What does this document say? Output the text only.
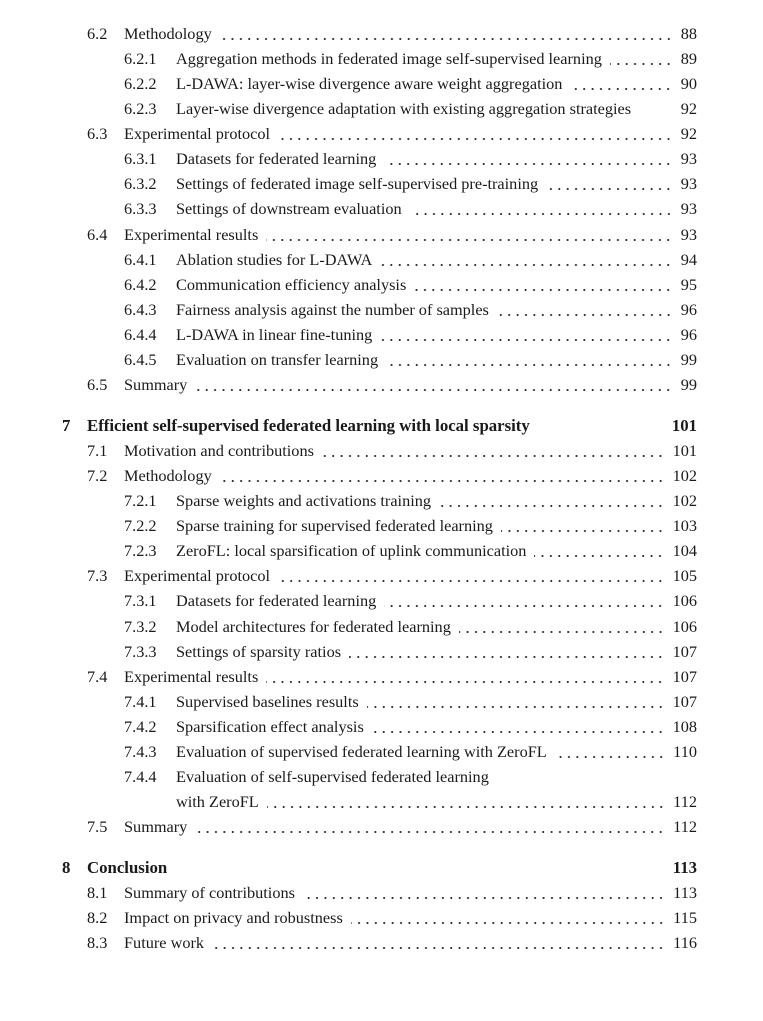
6.2 Methodology	88
6.2.1 Aggregation methods in federated image self-supervised learning	89
6.2.2 L-DAWA: layer-wise divergence aware weight aggregation	90
6.2.3 Layer-wise divergence adaptation with existing aggregation strategies	92
6.3 Experimental protocol	92
6.3.1 Datasets for federated learning	93
6.3.2 Settings of federated image self-supervised pre-training	93
6.3.3 Settings of downstream evaluation	93
6.4 Experimental results	93
6.4.1 Ablation studies for L-DAWA	94
6.4.2 Communication efficiency analysis	95
6.4.3 Fairness analysis against the number of samples	96
6.4.4 L-DAWA in linear fine-tuning	96
6.4.5 Evaluation on transfer learning	99
6.5 Summary	99
7 Efficient self-supervised federated learning with local sparsity	101
7.1 Motivation and contributions	101
7.2 Methodology	102
7.2.1 Sparse weights and activations training	102
7.2.2 Sparse training for supervised federated learning	103
7.2.3 ZeroFL: local sparsification of uplink communication	104
7.3 Experimental protocol	105
7.3.1 Datasets for federated learning	106
7.3.2 Model architectures for federated learning	106
7.3.3 Settings of sparsity ratios	107
7.4 Experimental results	107
7.4.1 Supervised baselines results	107
7.4.2 Sparsification effect analysis	108
7.4.3 Evaluation of supervised federated learning with ZeroFL	110
7.4.4 Evaluation of self-supervised federated learning
with ZeroFL	112
7.5 Summary	112
8 Conclusion	113
8.1 Summary of contributions	113
8.2 Impact on privacy and robustness	115
8.3 Future work	116
